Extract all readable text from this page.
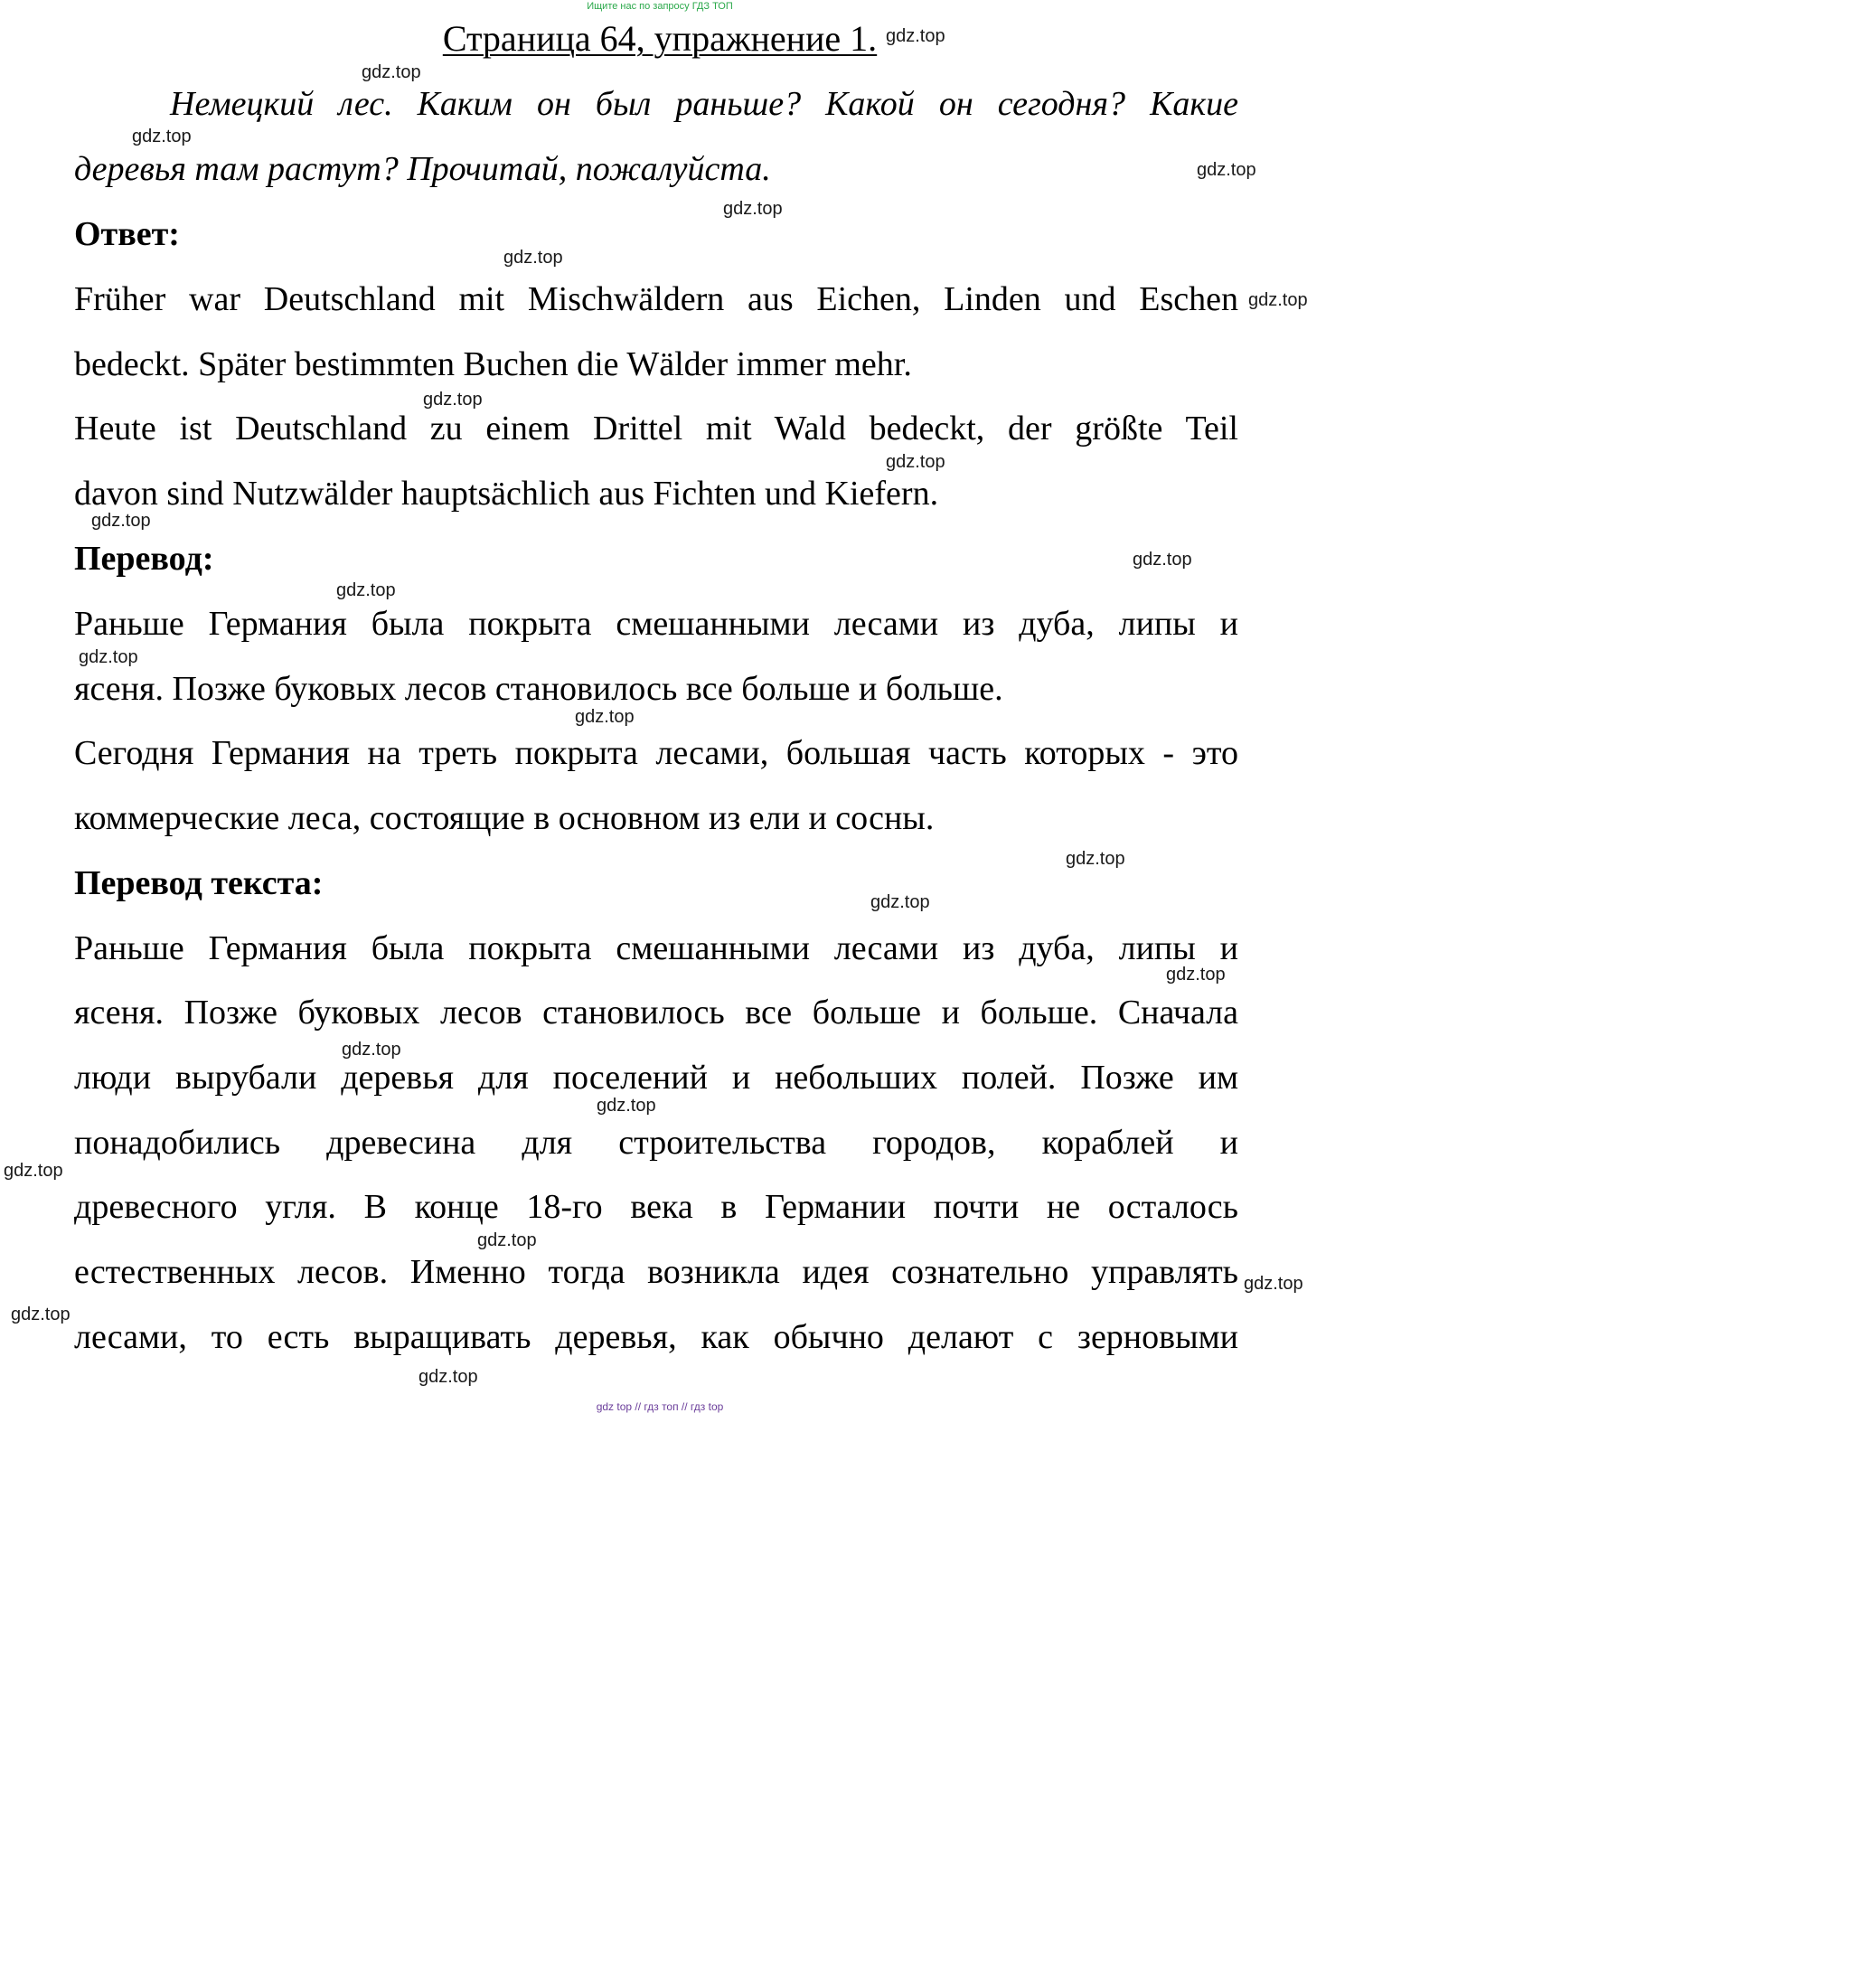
Ищите нас по запросу ГДЗ ТОП
Страница 64, упражнение 1.
Немецкий лес. Каким он был раньше? Какой он сегодня? Какие
деревья там растут? Прочитай, пожалуйста.
Ответ:
Früher war Deutschland mit Mischwäldern aus Eichen, Linden und Eschen
bedeckt. Später bestimmten Buchen die Wälder immer mehr.
Heute ist Deutschland zu einem Drittel mit Wald bedeckt, der größte Teil
davon sind Nutzwälder hauptsächlich aus Fichten und Kiefern.
Перевод:
Раньше Германия была покрыта смешанными лесами из дуба, липы и
ясеня. Позже буковых лесов становилось все больше и больше.
Сегодня Германия на треть покрыта лесами, большая часть которых - это
коммерческие леса, состоящие в основном из ели и сосны.
Перевод текста:
Раньше Германия была покрыта смешанными лесами из дуба, липы и
ясеня. Позже буковых лесов становилось все больше и больше. Сначала
люди вырубали деревья для поселений и небольших полей. Позже им
понадобились древесина для строительства городов, кораблей и
древесного угля. В конце 18-го века в Германии почти не осталось
естественных лесов. Именно тогда возникла идея сознательно управлять
лесами, то есть выращивать деревья, как обычно делают с зерновыми
gdz.top
gdz.top
gdz.top
gdz.top
gdz.top
gdz.top
gdz.top
gdz.top
gdz.top
gdz.top
gdz.top
gdz.top
gdz.top
gdz.top
gdz.top
gdz.top
gdz.top
gdz.top
gdz.top
gdz.top
gdz.top
gdz.top
gdz.top
gdz.top
gdz top // гдз топ // гдз top
